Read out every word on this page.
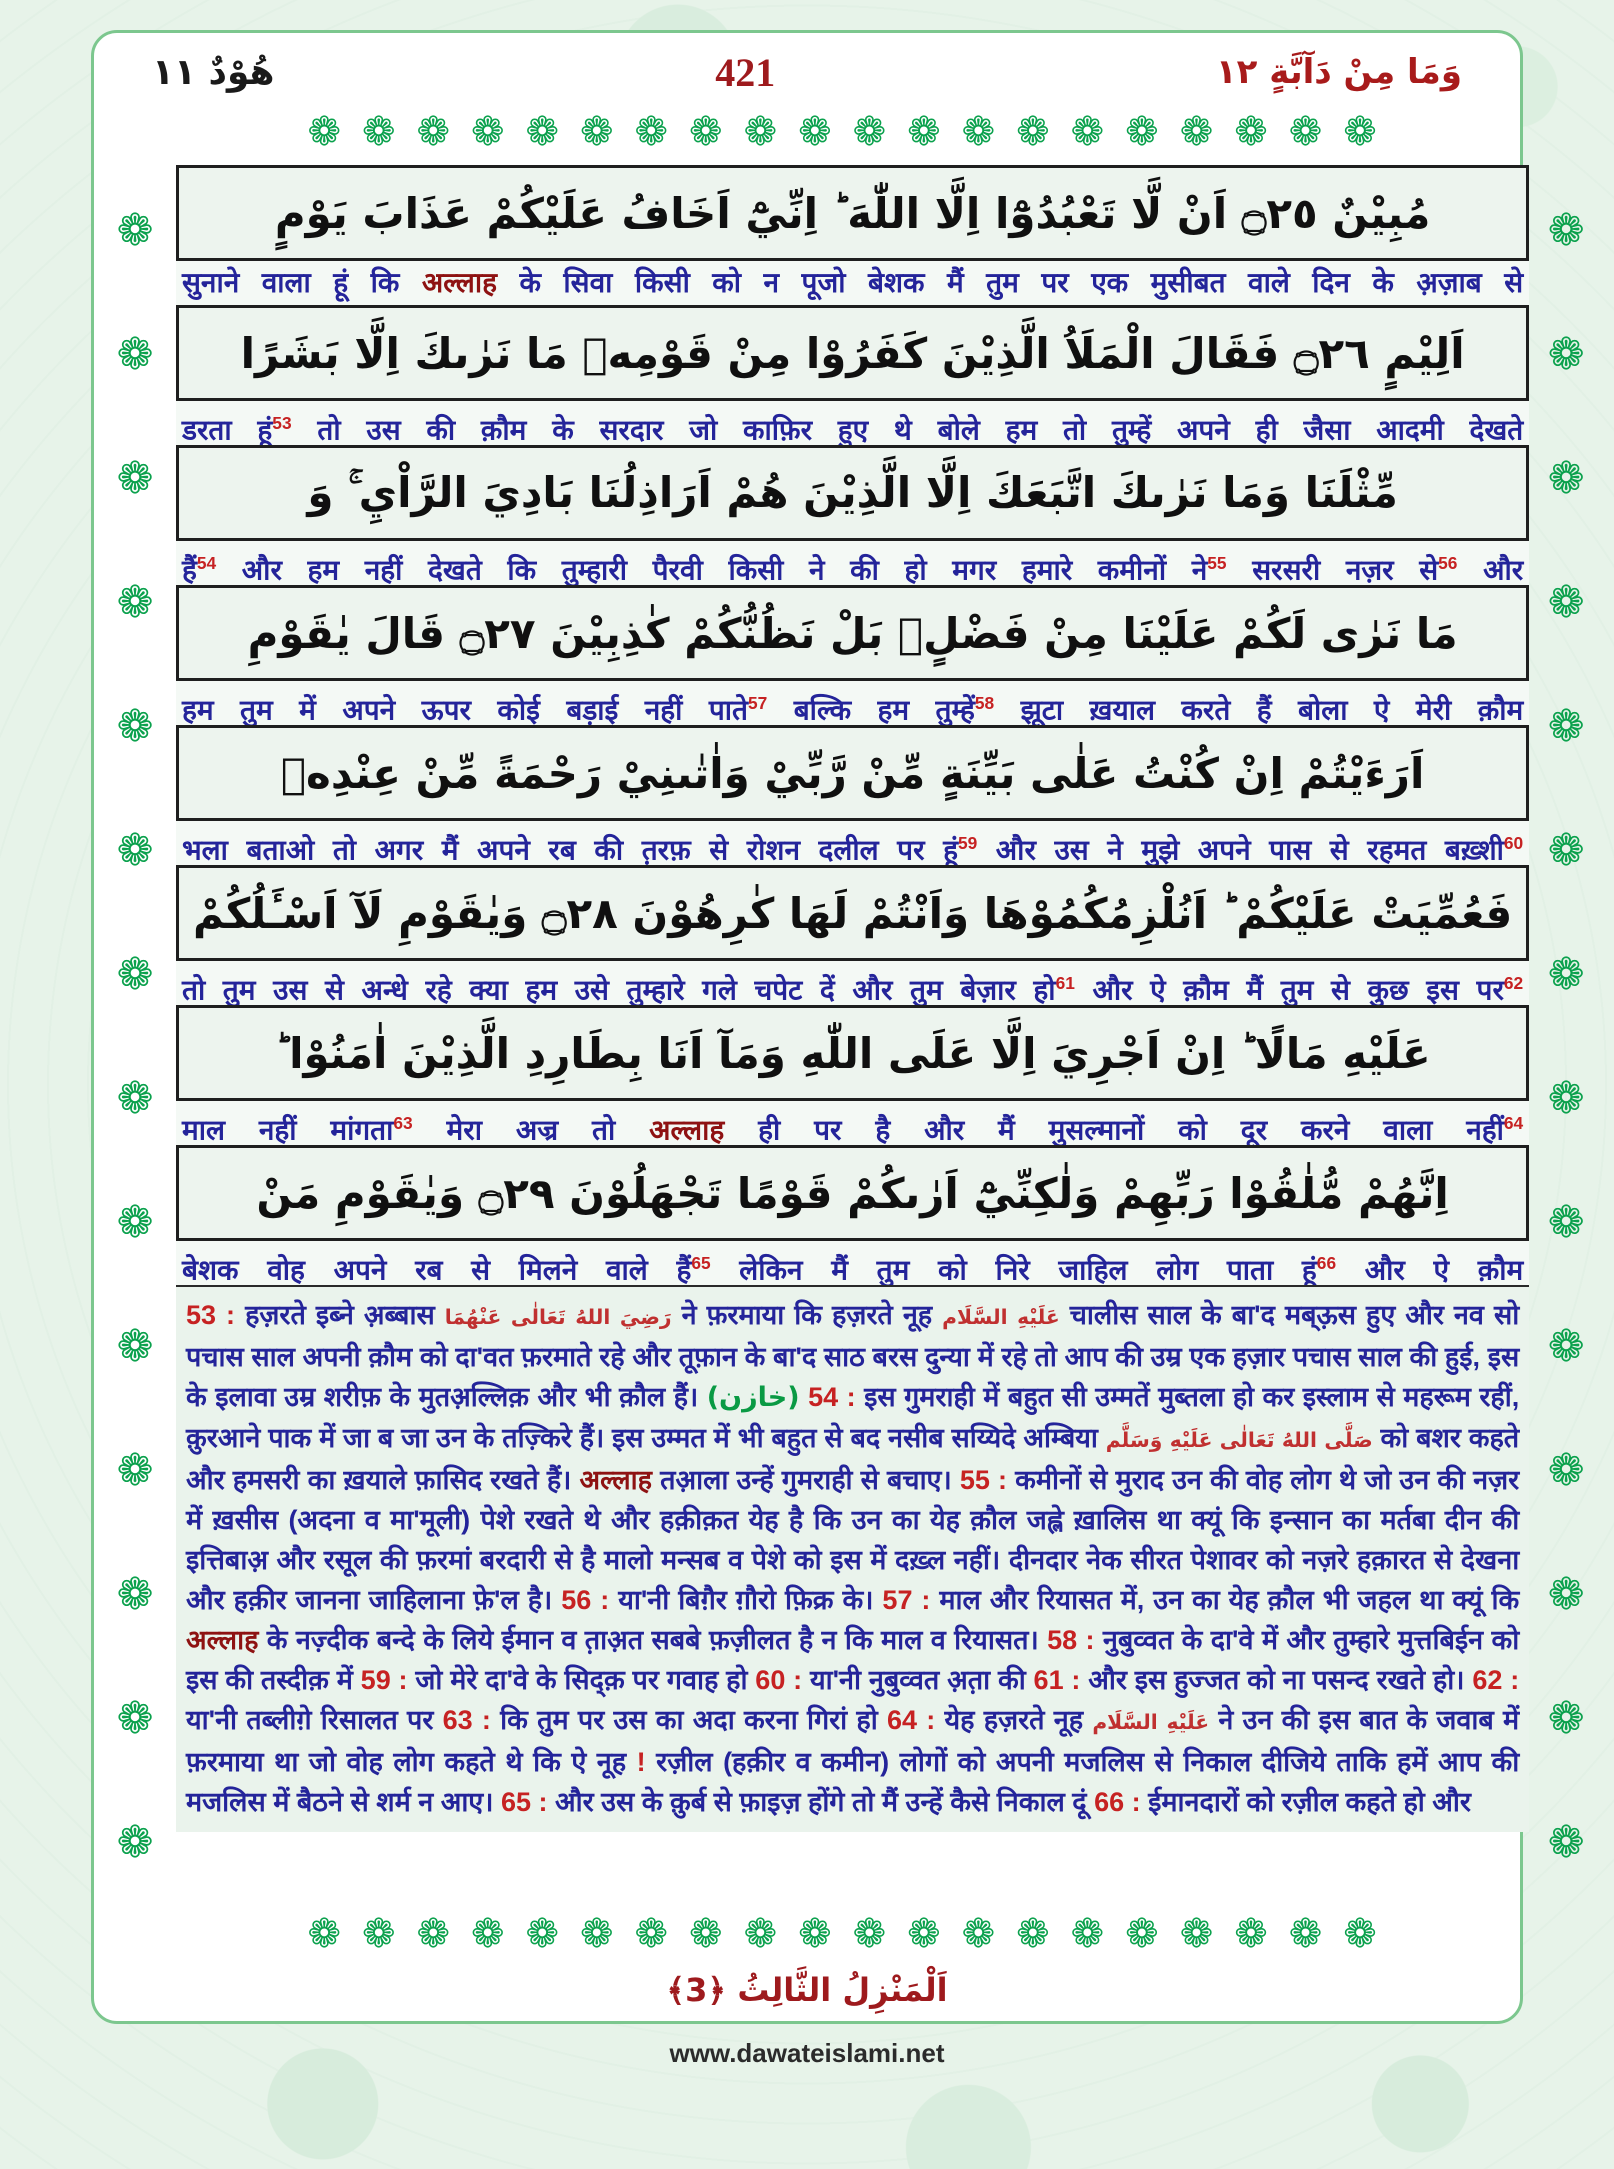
هُوْدٌ ١١	421	وَمَا مِنْ دَآبَّةٍ ١٢
❁❁❁❁❁❁❁❁❁❁❁❁❁❁❁❁❁❁❁❁
❁❁❁❁❁❁❁❁❁❁❁❁❁❁
مُبِيْنٌ ۝٢٥ اَنْ لَّا تَعْبُدُوْٓا اِلَّا اللّٰهَ ؕ اِنِّيْٓ اَخَافُ عَلَيْكُمْ عَذَابَ يَوْمٍ
सुनाने वाला हूं कि अल्लाह के सिवा किसी को न पूजो बेशक मैं तुम पर एक मुसीबत वाले दिन के अ़ज़ाब से
اَلِيْمٍ ۝٢٦ فَقَالَ الْمَلَاُ الَّذِيْنَ كَفَرُوْا مِنْ قَوْمِهٖ مَا نَرٰىكَ اِلَّا بَشَرًا
डरता हूं$^{53}$ तो उस की क़ौम के सरदार जो काफ़िर हुए थे बोले हम तो तुम्हें अपने ही जैसा आदमी देखते
مِّثْلَنَا وَمَا نَرٰىكَ اتَّبَعَكَ اِلَّا الَّذِيْنَ هُمْ اَرَاذِلُنَا بَادِيَ الرَّاْيِ ۚ وَ
हैं$^{54}$ और हम नहीं देखते कि तुम्हारी पैरवी किसी ने की हो मगर हमारे कमीनों ने$^{55}$ सरसरी नज़र से$^{56}$ और
مَا نَرٰى لَكُمْ عَلَيْنَا مِنْ فَضْلٍۭ بَلْ نَظُنُّكُمْ كٰذِبِيْنَ ۝٢٧ قَالَ يٰقَوْمِ
हम तुम में अपने ऊपर कोई बड़ाई नहीं पाते$^{57}$ बल्कि हम तुम्हें$^{58}$ झूटा ख़याल करते हैं बोला ऐ मेरी क़ौम
اَرَءَيْتُمْ اِنْ كُنْتُ عَلٰى بَيِّنَةٍ مِّنْ رَّبِّيْ وَاٰتٰىنِيْ رَحْمَةً مِّنْ عِنْدِهٖ
भला बताओ तो अगर मैं अपने रब की त़रफ़ से रोशन दलील पर हूं$^{59}$ और उस ने मुझे अपने पास से रहमत बख़्शी$^{60}$
فَعُمِّيَتْ عَلَيْكُمْ ؕ اَنُلْزِمُكُمُوْهَا وَاَنْتُمْ لَهَا كٰرِهُوْنَ ۝٢٨ وَيٰقَوْمِ لَآ اَسْـَٔلُكُمْ
तो तुम उस से अन्धे रहे क्या हम उसे तुम्हारे गले चपेट दें और तुम बेज़ार हो$^{61}$ और ऐ क़ौम मैं तुम से कुछ इस पर$^{62}$
عَلَيْهِ مَالًا ؕ اِنْ اَجْرِيَ اِلَّا عَلَى اللّٰهِ وَمَآ اَنَا بِطَارِدِ الَّذِيْنَ اٰمَنُوْا ؕ
माल नहीं मांगता$^{63}$ मेरा अज्र तो अल्लाह ही पर है और मैं मुसल्मानों को दूर करने वाला नहीं$^{64}$
اِنَّهُمْ مُّلٰقُوْا رَبِّهِمْ وَلٰكِنِّيْٓ اَرٰىكُمْ قَوْمًا تَجْهَلُوْنَ ۝٢٩ وَيٰقَوْمِ مَنْ
बेशक वोह अपने रब से मिलने वाले हैं$^{65}$ लेकिन मैं तुम को निरे जाहिल लोग पाता हूं$^{66}$ और ऐ क़ौम
53 : हज़रते इब्ने अ़ब्बास رَضِيَ اللهُ تَعَالٰى عَنْهُمَا ने फ़रमाया कि हज़रते नूह عَلَيْهِ السَّلَام चालीस साल के बा'द मब्ऊ़स हुए और नव सो पचास साल अपनी क़ौम को दा'वत फ़रमाते रहे और तूफ़ान के बा'द साठ बरस दुन्या में रहे तो आप की उम्र एक हज़ार पचास साल की हुई, इस के इलावा उम्र शरीफ़ के मुतअ़ल्लिक़ और भी क़ौल हैं। (خازن) 54 : इस गुमराही में बहुत सी उम्मतें मुब्तला हो कर इस्लाम से महरूम रहीं, क़ुरआने पाक में जा ब जा उन के तज़्किरे हैं। इस उम्मत में भी बहुत से बद नसीब सय्यिदे अम्बिया صَلَّى اللهُ تَعَالٰى عَلَيْهِ وَسَلَّم को बशर कहते और हमसरी का ख़याले फ़ासिद रखते हैं। अल्लाह तआ़ला उन्हें गुमराही से बचाए। 55 : कमीनों से मुराद उन की वोह लोग थे जो उन की नज़र में ख़सीस (अदना व मा'मूली) पेशे रखते थे और हक़ीक़त येह है कि उन का येह क़ौल जह्ले ख़ालिस था क्यूं कि इन्सान का मर्तबा दीन की इत्तिबाअ़ और रसूल की फ़रमां बरदारी से है मालो मन्सब व पेशे को इस में दख़्ल नहीं। दीनदार नेक सीरत पेशावर को नज़रे हक़ारत से देखना और हक़ीर जानना जाहिलाना फ़े'ल है। 56 : या'नी बिग़ैर ग़ौरो फ़िक्र के। 57 : माल और रियासत में, उन का येह क़ौल भी जहल था क्यूं कि अल्लाह के नज़्दीक बन्दे के लिये ईमान व त़ाअ़त सबबे फ़ज़ीलत है न कि माल व रियासत। 58 : नुबुव्वत के दा'वे में और तुम्हारे मुत्तबिईन को इस की तस्दीक़ में 59 : जो मेरे दा'वे के सिद्क़ पर गवाह हो 60 : या'नी नुबुव्वत अ़त़ा की 61 : और इस हुज्जत को ना पसन्द रखते हो। 62 : या'नी तब्लीग़े रिसालत पर 63 : कि तुम पर उस का अदा करना गिरां हो 64 : येह हज़रते नूह عَلَيْهِ السَّلَام ने उन की इस बात के जवाब में फ़रमाया था जो वोह लोग कहते थे कि ऐ नूह ! रज़ील (हक़ीर व कमीन) लोगों को अपनी मजलिस से निकाल दीजिये ताकि हमें आप की मजलिस में बैठने से शर्म न आए। 65 : और उस के क़ुर्ब से फ़ाइज़ होंगे तो मैं उन्हें कैसे निकाल दूं 66 : ईमानदारों को रज़ील कहते हो और
❁❁❁❁❁❁❁❁❁❁❁❁❁❁
❁❁❁❁❁❁❁❁❁❁❁❁❁❁❁❁❁❁❁❁
اَلْمَنْزِلُ الثَّالِثُ ﴿3﴾
www.dawateislami.net
